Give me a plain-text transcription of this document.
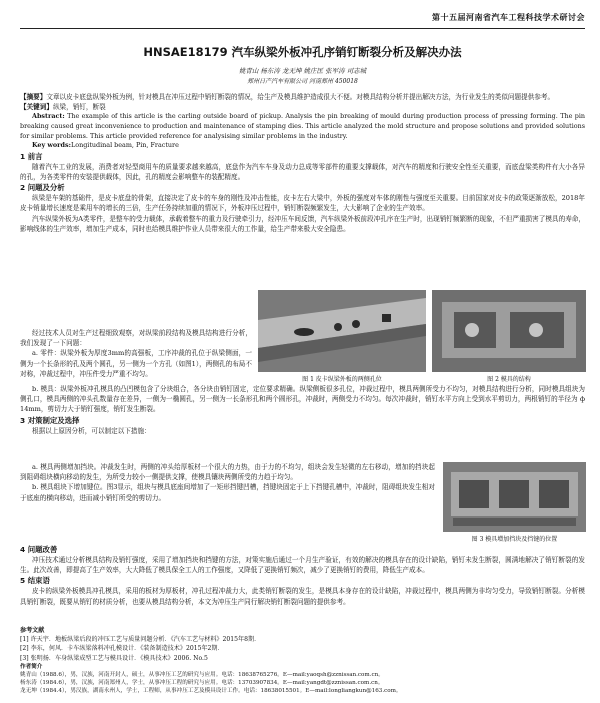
第十五届河南省汽车工程科技学术研讨会
HNSAE18179 汽车纵梁外板冲孔序销钉断裂分析及解决办法
姚青山 杨东涛 龙无坤 姚庄匡 张军涛 司志城
郑州日产汽车有限公司 河南郑州 450018

【摘要】文章以皮卡底盘纵梁外板为例，针对模具在冲压过程中销钉断裂的情况，给生产及模具维护造成很大不便。对模具结构分析并提出解决方法，为行业发生的类似问题提供参考。

【关键词】纵梁，销钉，断裂

Abstract: The example of this article is the carling outside board of pickup. Analysis the pin breaking of mould during production process of pressing forming. The pin breaking caused great inconvenience to production and maintenance of stamping dies. This article analyzed the mold structure and propose solutions and provided solutions for similar problems. This article provided reference for analysising similar problems in the industry.

Key words:Longitudinal beam, Pin, Fracture

1 前言

随着汽车工业的发展，消费者对轻型商用车的质量要求越来越高，底盘作为汽车车身及动力总成等零部件的重要支撑载体，对汽车的精度和行驶安全性至关重要，而底盘梁类构件有大小各异的孔，为各类零件的安装提供载体，因此，孔的精度会影响整车的装配精度。

2 问题及分析

纵梁是车架的基础件，是皮卡底盘的骨架，直接决定了皮卡的车身的刚性及冲击性能，皮卡左右大梁中，外板的强度对车体的刚性与强度至关重要。目前国家对皮卡的政策逐渐放松，2018年皮卡销量增长速度是乘用车的增长的三倍，生产任务持续加重的情况下，外板冲压过程中，销钉断裂频繁发生，大大影响了企业的生产效率。

汽车纵梁外板为A类零件，是整车的受力载体，承载着整车的重力及行驶牵引力，经冲压车间反馈，汽车纵梁外板前段冲孔序在生产时，出现销钉频繁断的现象，不但严重损害了模具的寿命，影响线体的生产效率，增加生产成本，同时也给模具维护作业人员带来很大的工作量，给生产带来极大安全隐患。

经过技术人员对生产过程细致观察，对纵梁前段结构及模具结构进行分析，我们发现了一下问题：

a. 零件：纵梁外板为厚度3mm的高强板，工序冲裁的孔位于纵梁侧面，一侧为一个长条形的孔及两个圆孔，另一侧为一个方孔（如图1），两侧孔的布局不对称，冲裁过程中，冲压件受力严重不均匀。

图 1 皮卡纵梁外板的两侧孔位	图 2 模具的结构

b. 模具：纵梁外板冲孔模具的凸凹模包含了分块组合，各分块由销钉固定，定位要求精确。纵梁侧板很多孔位，冲裁过程中，模具两侧所受力不均匀，对模具结构进行分析，同时模具组块为侧孔口，模具两侧的冲头孔数量存在差异，一侧为一椭圆孔，另一侧为一长条形孔和两个圆形孔，冲裁时，两侧受力不均匀。每次冲裁时，销钉水平方向上受到水平剪切力，两根销钉的半径为 ф 14mm，剪切力大于销钉强度，销钉发生断裂。

3 对策制定及选择

根据以上原因分析，可以制定以下措施：

a. 模具两侧增加挡块。冲裁发生时，两侧的冲头给厚板材一个很大的力热，由于力的不均匀，组块会发生轻微的左右移动，增加的挡块起到阻碍组块横向移动的发生，为所受力较小一侧提供支撑，使模具镶块两侧所受的力趋于均匀。

b. 模具组块下增加键位。图3显示，组块与模具底座间增加了一矩形挡键凹槽，挡键块固定于上下挡键孔槽中，冲裁时，阻碍组块发生相对于底座的横向移动，进而减小销钉所受的剪切力。

图 3 模具增加挡块及挡键的位置

4 问题改善

冲压技术通过分析模具结构及销钉强度，采用了增加挡块和挡键的方法，对策实施后通过一个月生产验证，有效的解决的模具存在的设计缺陷，销钉未发生断裂，圆满地解决了销钉断裂的发生。此次改善，即提高了生产效率，大大降低了模具保全工人的工作强度，又降低了更换销钉频次，减少了更换销钉的费用，降低生产成本。

5 结束语

皮卡的纵梁外板模具冲孔模具，采用的板材为厚板材，冲孔过程冲裁力大，此类销钉断裂的发生，是模具本身存在的设计缺陷，冲裁过程中，模具两侧为非均匀受力，导致销钉断裂。分析模具销钉断裂，既要从销钉的材质分析，也要从模具结构分析，本文为冲压生产同行解决销钉断裂问题的提供参考。

参考文献

[1] 许天宇．地板纵梁后段的冲压工艺与质量问题分析．《汽车工艺与材料》2015年8期．

[2] 李东，何风．卡车纵梁落料冲孔模设计．《装备制造技术》2015年2期．

[3] 张明扬．车身纵梁成型工艺与模具设计．《模具技术》2006. No.5

作者简介

姚青山（1988.6），男，汉族，河南开封人，硕士，从事冲压工艺的研究与应用。电话：18638765276。E—mail:yaoqsh@zznissan.com.cn。

杨东涛（1984.6），男，汉族，河南郑州人，学士，从事冲压工程的研究与应用。电话：13703907834。E—mail:yangdt@zznissan.com.cn。

龙无坤（1984.4），男汉族，湖南永州人，学士，工程师，从事冲压工艺及模具设计工作。电话：18638015501。E—mail:longliangkun@163.com。
